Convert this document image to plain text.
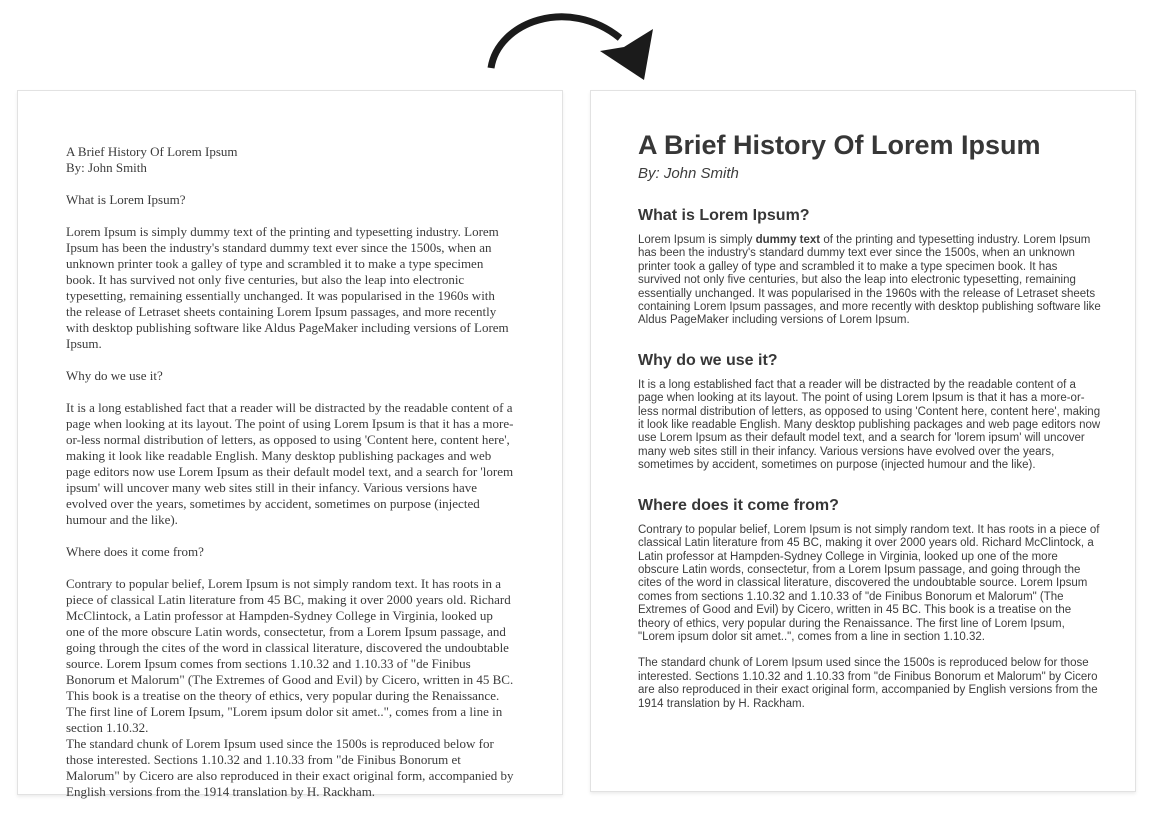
A Brief History Of Lorem Ipsum
By: John Smith
What is Lorem Ipsum?
Lorem Ipsum is simply dummy text of the printing and typesetting industry. Lorem Ipsum has been the industry's standard dummy text ever since the 1500s, when an unknown printer took a galley of type and scrambled it to make a type specimen book. It has survived not only five centuries, but also the leap into electronic typesetting, remaining essentially unchanged. It was popularised in the 1960s with the release of Letraset sheets containing Lorem Ipsum passages, and more recently with desktop publishing software like Aldus PageMaker including versions of Lorem Ipsum.
Why do we use it?
It is a long established fact that a reader will be distracted by the readable content of a page when looking at its layout. The point of using Lorem Ipsum is that it has a more-or-less normal distribution of letters, as opposed to using 'Content here, content here', making it look like readable English. Many desktop publishing packages and web page editors now use Lorem Ipsum as their default model text, and a search for 'lorem ipsum' will uncover many web sites still in their infancy. Various versions have evolved over the years, sometimes by accident, sometimes on purpose (injected humour and the like).
Where does it come from?
Contrary to popular belief, Lorem Ipsum is not simply random text. It has roots in a piece of classical Latin literature from 45 BC, making it over 2000 years old. Richard McClintock, a Latin professor at Hampden-Sydney College in Virginia, looked up one of the more obscure Latin words, consectetur, from a Lorem Ipsum passage, and going through the cites of the word in classical literature, discovered the undoubtable source. Lorem Ipsum comes from sections 1.10.32 and 1.10.33 of "de Finibus Bonorum et Malorum" (The Extremes of Good and Evil) by Cicero, written in 45 BC. This book is a treatise on the theory of ethics, very popular during the Renaissance. The first line of Lorem Ipsum, "Lorem ipsum dolor sit amet..", comes from a line in section 1.10.32.
The standard chunk of Lorem Ipsum used since the 1500s is reproduced below for those interested. Sections 1.10.32 and 1.10.33 from "de Finibus Bonorum et Malorum" by Cicero are also reproduced in their exact original form, accompanied by English versions from the 1914 translation by H. Rackham.
A Brief History Of Lorem Ipsum
By: John Smith
What is Lorem Ipsum?

Lorem Ipsum is simply dummy text of the printing and typesetting industry. Lorem Ipsum has been the industry's standard dummy text ever since the 1500s, when an unknown printer took a galley of type and scrambled it to make a type specimen book. It has survived not only five centuries, but also the leap into electronic typesetting, remaining essentially unchanged. It was popularised in the 1960s with the release of Letraset sheets containing Lorem Ipsum passages, and more recently with desktop publishing software like Aldus PageMaker including versions of Lorem Ipsum.

Why do we use it?

It is a long established fact that a reader will be distracted by the readable content of a page when looking at its layout. The point of using Lorem Ipsum is that it has a more-or-less normal distribution of letters, as opposed to using 'Content here, content here', making it look like readable English. Many desktop publishing packages and web page editors now use Lorem Ipsum as their default model text, and a search for 'lorem ipsum' will uncover many web sites still in their infancy. Various versions have evolved over the years, sometimes by accident, sometimes on purpose (injected humour and the like).

Where does it come from?

Contrary to popular belief, Lorem Ipsum is not simply random text. It has roots in a piece of classical Latin literature from 45 BC, making it over 2000 years old. Richard McClintock, a Latin professor at Hampden-Sydney College in Virginia, looked up one of the more obscure Latin words, consectetur, from a Lorem Ipsum passage, and going through the cites of the word in classical literature, discovered the undoubtable source. Lorem Ipsum comes from sections 1.10.32 and 1.10.33 of "de Finibus Bonorum et Malorum" (The Extremes of Good and Evil) by Cicero, written in 45 BC. This book is a treatise on the theory of ethics, very popular during the Renaissance. The first line of Lorem Ipsum, "Lorem ipsum dolor sit amet..", comes from a line in section 1.10.32.

The standard chunk of Lorem Ipsum used since the 1500s is reproduced below for those interested. Sections 1.10.32 and 1.10.33 from "de Finibus Bonorum et Malorum" by Cicero are also reproduced in their exact original form, accompanied by English versions from the 1914 translation by H. Rackham.
